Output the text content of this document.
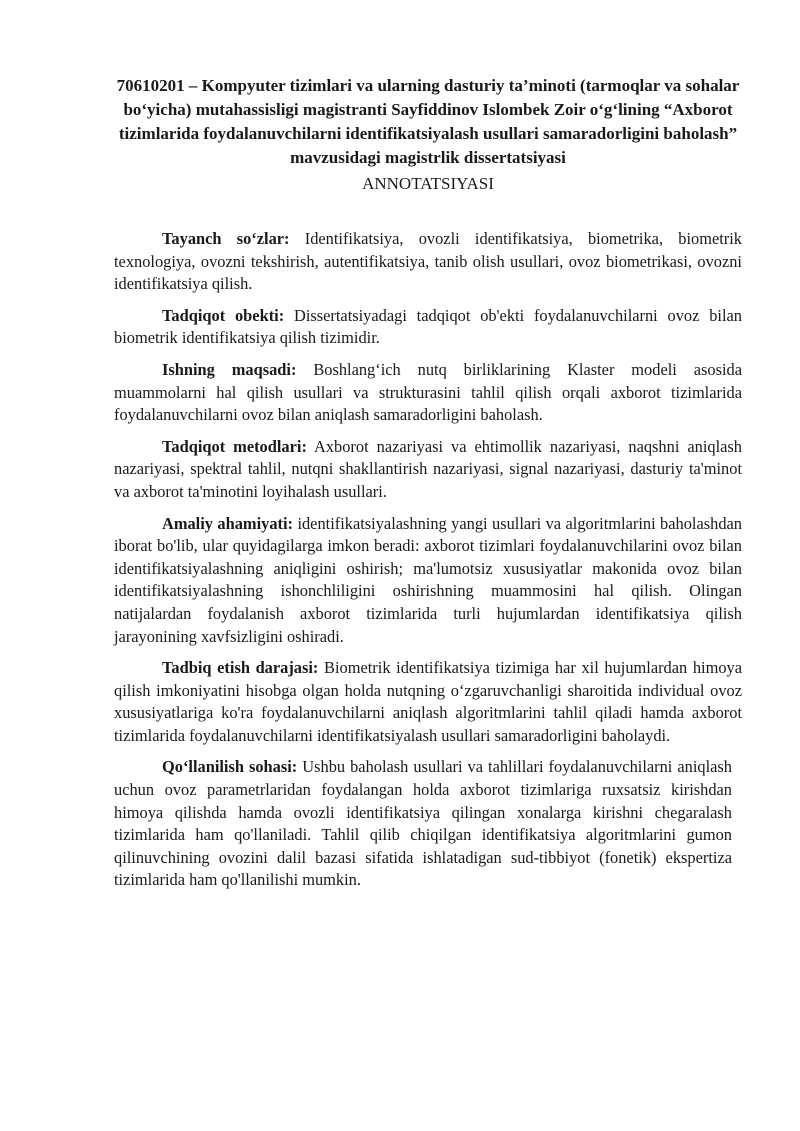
70610201 – Kompyuter tizimlari va ularning dasturiy ta’minoti (tarmoqlar va sohalar bo‘yicha) mutahassisligi magistranti Sayfiddinov Islombek Zoir o‘g‘lining “Axborot tizimlarida foydalanuvchilarni identifikatsiyalash usullari samaradorligini baholash” mavzusidagi magistrlik dissertatsiyasi

ANNOTATSIYASI

Tayanch so‘zlar: Identifikatsiya, ovozli identifikatsiya, biometrika, biometrik texnologiya, ovozni tekshirish, autentifikatsiya, tanib olish usullari, ovoz biometrikasi, ovozni identifikatsiya qilish.

Tadqiqot obekti: Dissertatsiyadagi tadqiqot ob'ekti foydalanuvchilarni ovoz bilan biometrik identifikatsiya qilish tizimidir.

Ishning maqsadi: Boshlang‘ich nutq birliklarining Klaster modeli asosida muammolarni hal qilish usullari va strukturasini tahlil qilish orqali axborot tizimlarida foydalanuvchilarni ovoz bilan aniqlash samaradorligini baholash.

Tadqiqot metodlari: Axborot nazariyasi va ehtimollik nazariyasi, naqshni aniqlash nazariyasi, spektral tahlil, nutqni shakllantirish nazariyasi, signal nazariyasi, dasturiy ta'minot va axborot ta'minotini loyihalash usullari.

Amaliy ahamiyati: identifikatsiyalashning yangi usullari va algoritmlarini baholashdan iborat bo'lib, ular quyidagilarga imkon beradi: axborot tizimlari foydalanuvchilarini ovoz bilan identifikatsiyalashning aniqligini oshirish; ma'lumotsiz xususiyatlar makonida ovoz bilan identifikatsiyalashning ishonchliligini oshirishning muammosini hal qilish. Olingan natijalardan foydalanish axborot tizimlarida turli hujumlardan identifikatsiya qilish jarayonining xavfsizligini oshiradi.

Tadbiq etish darajasi: Biometrik identifikatsiya tizimiga har xil hujumlardan himoya qilish imkoniyatini hisobga olgan holda nutqning o‘zgaruvchanligi sharoitida individual ovoz xususiyatlariga ko'ra foydalanuvchilarni aniqlash algoritmlarini tahlil qiladi hamda axborot tizimlarida foydalanuvchilarni identifikatsiyalash usullari samaradorligini baholaydi.

Qo‘llanilish sohasi: Ushbu baholash usullari va tahlillari foydalanuvchilarni aniqlash uchun ovoz parametrlaridan foydalangan holda axborot tizimlariga ruxsatsiz kirishdan himoya qilishda hamda ovozli identifikatsiya qilingan xonalarga kirishni chegaralash tizimlarida ham qo'llaniladi. Tahlil qilib chiqilgan identifikatsiya algoritmlarini gumon qilinuvchining ovozini dalil bazasi sifatida ishlatadigan sud-tibbiyot (fonetik) ekspertiza tizimlarida ham qo'llanilishi mumkin.
